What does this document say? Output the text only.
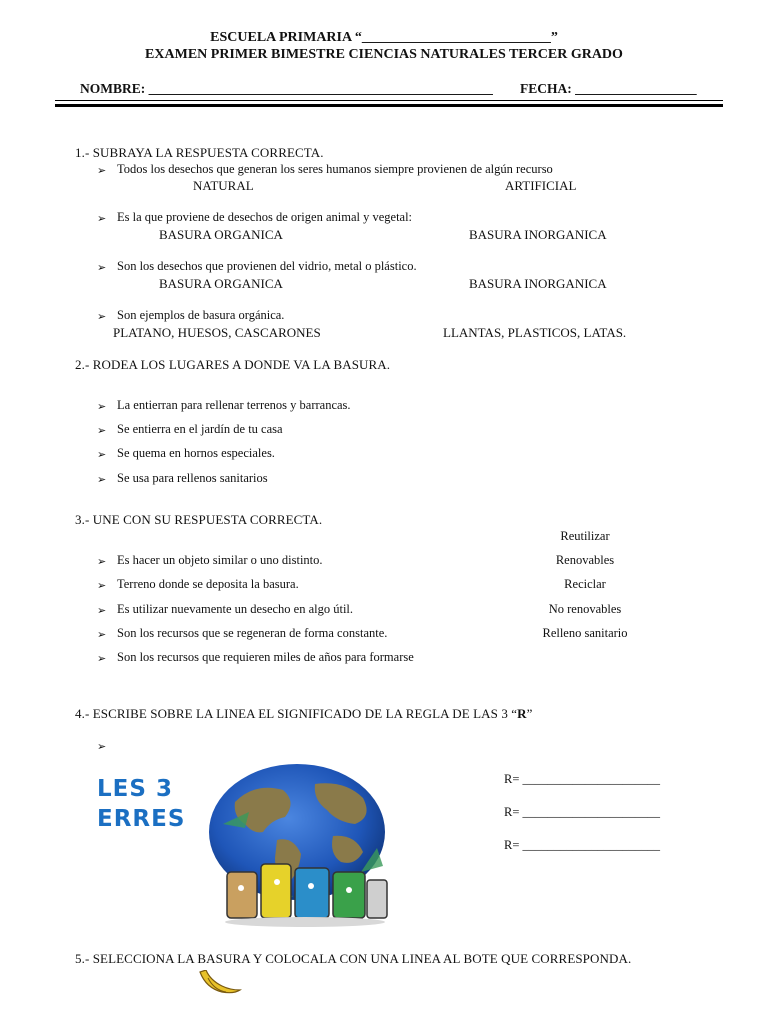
ESCUELA PRIMARIA “___________________________”
EXAMEN PRIMER BIMESTRE CIENCIAS NATURALES TERCER GRADO
NOMBRE: ___________________________________________________ FECHA: __________________
1.- SUBRAYA LA RESPUESTA CORRECTA.
➢ Todos los desechos que generan los seres humanos siempre provienen de algún recurso
NATURAL	ARTIFICIAL
➢ Es la que proviene de desechos de origen animal y vegetal:
BASURA ORGANICA	BASURA INORGANICA
➢ Son los desechos que provienen del vidrio, metal o plástico.
BASURA ORGANICA	BASURA INORGANICA
➢ Son ejemplos de basura orgánica.
PLATANO, HUESOS, CASCARONES	LLANTAS, PLASTICOS, LATAS.
2.- RODEA LOS LUGARES A DONDE VA LA BASURA.
➢ La entierran para rellenar terrenos y barrancas.
➢ Se entierra en el jardín de tu casa
➢ Se quema en hornos especiales.
➢ Se usa para rellenos sanitarios
3.- UNE CON SU RESPUESTA CORRECTA.
Reutilizar
Renovables
Reciclar
No renovables
Relleno sanitario
➢ Es hacer un objeto similar o uno distinto.
➢ Terreno donde se deposita la basura.
➢ Es utilizar nuevamente un desecho en algo útil.
➢ Son los recursos que se regeneran de forma constante.
➢ Son los recursos que requieren miles de años para formarse
4.- ESCRIBE SOBRE LA LINEA EL SIGNIFICADO DE LA REGLA DE LAS 3 “R”
➢
LES 3
ERRES
R= ______________________
R= ______________________
R= ______________________
5.- SELECCIONA LA BASURA Y COLOCALA CON UNA LINEA AL BOTE QUE CORRESPONDA.
